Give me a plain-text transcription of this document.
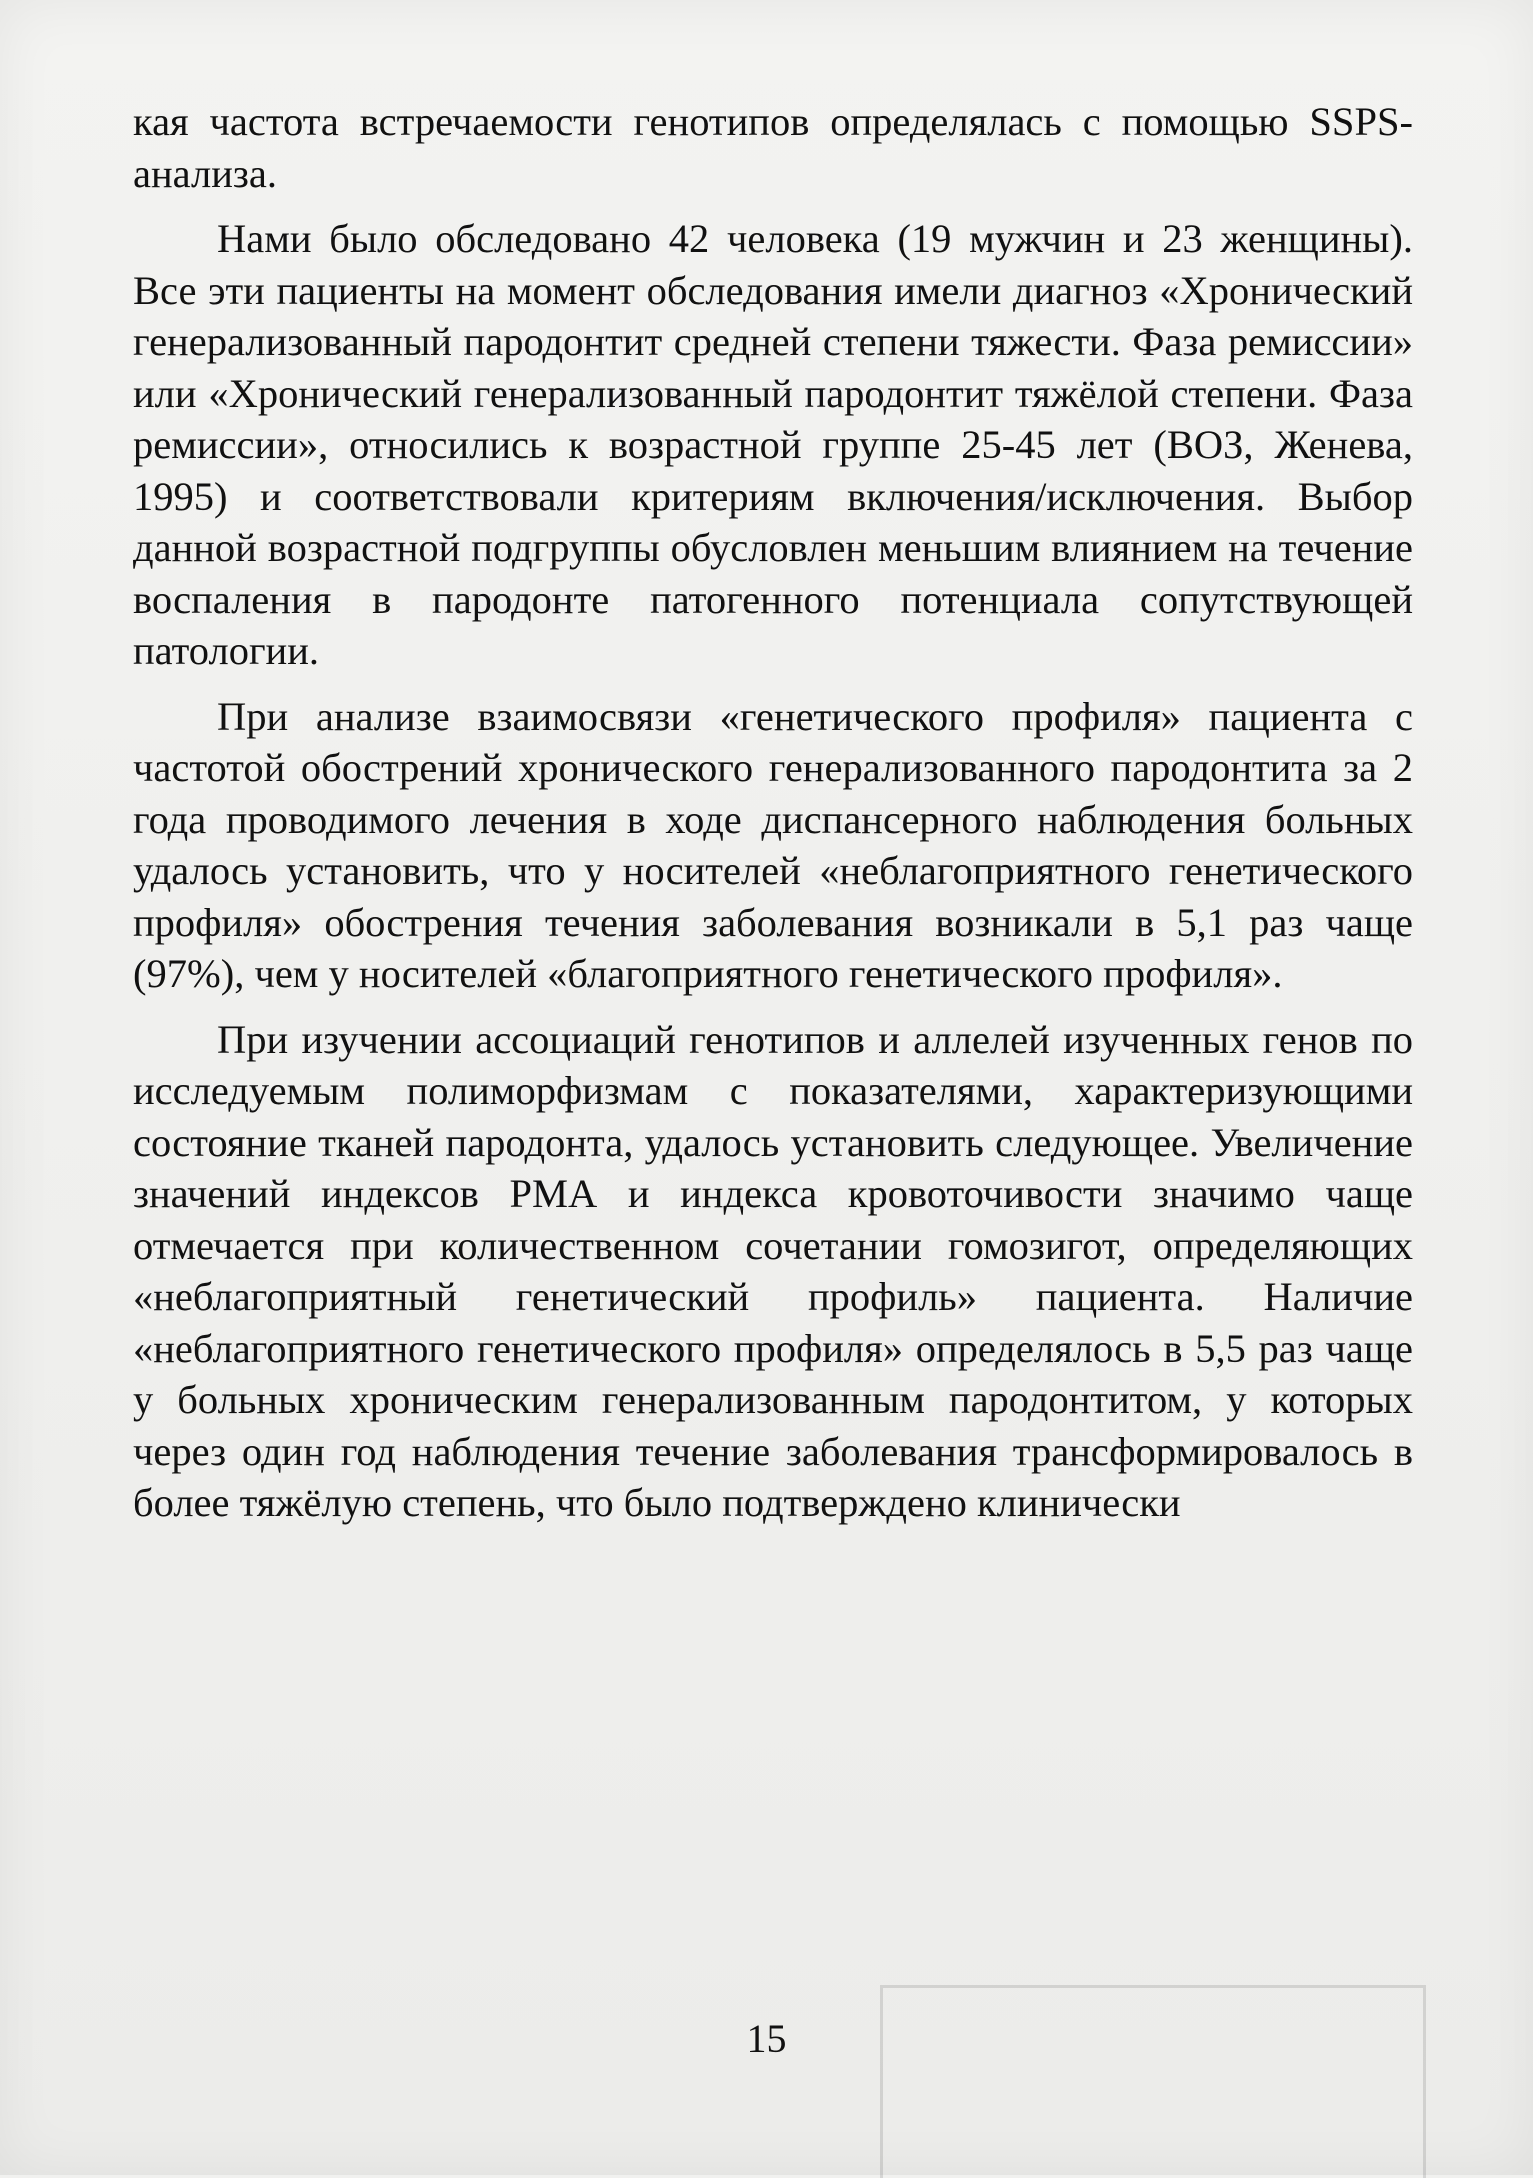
кая частота встречаемости генотипов определялась с помощью SSPS-анализа.

Нами было обследовано 42 человека (19 мужчин и 23 женщины). Все эти пациенты на момент обследования имели диагноз «Хронический генерализованный пародонтит средней степени тяжести. Фаза ремиссии» или «Хронический генерализованный пародонтит тяжёлой степени. Фаза ремиссии», относились к возрастной группе 25-45 лет (ВОЗ, Женева, 1995) и соответствовали критериям включения/исключения. Выбор данной возрастной подгруппы обусловлен меньшим влиянием на течение воспаления в пародонте патогенного потенциала сопутствующей патологии.

При анализе взаимосвязи «генетического профиля» пациента с частотой обострений хронического генерализованного пародонтита за 2 года проводимого лечения в ходе диспансерного наблюдения больных удалось установить, что у носителей «неблагоприятного генетического профиля» обострения течения заболевания возникали в 5,1 раз чаще (97%), чем у носителей «благоприятного генетического профиля».

При изучении ассоциаций генотипов и аллелей изученных генов по исследуемым полиморфизмам с показателями, характеризующими состояние тканей пародонта, удалось установить следующее. Увеличение значений индексов РМА и индекса кровоточивости значимо чаще отмечается при количественном сочетании гомозигот, определяющих «неблагоприятный генетический профиль» пациента. Наличие «неблагоприятного генетического профиля» определялось в 5,5 раз чаще у больных хроническим генерализованным пародонтитом, у которых через один год наблюдения течение заболевания трансформировалось в более тяжёлую степень, что было подтверждено клинически

15
